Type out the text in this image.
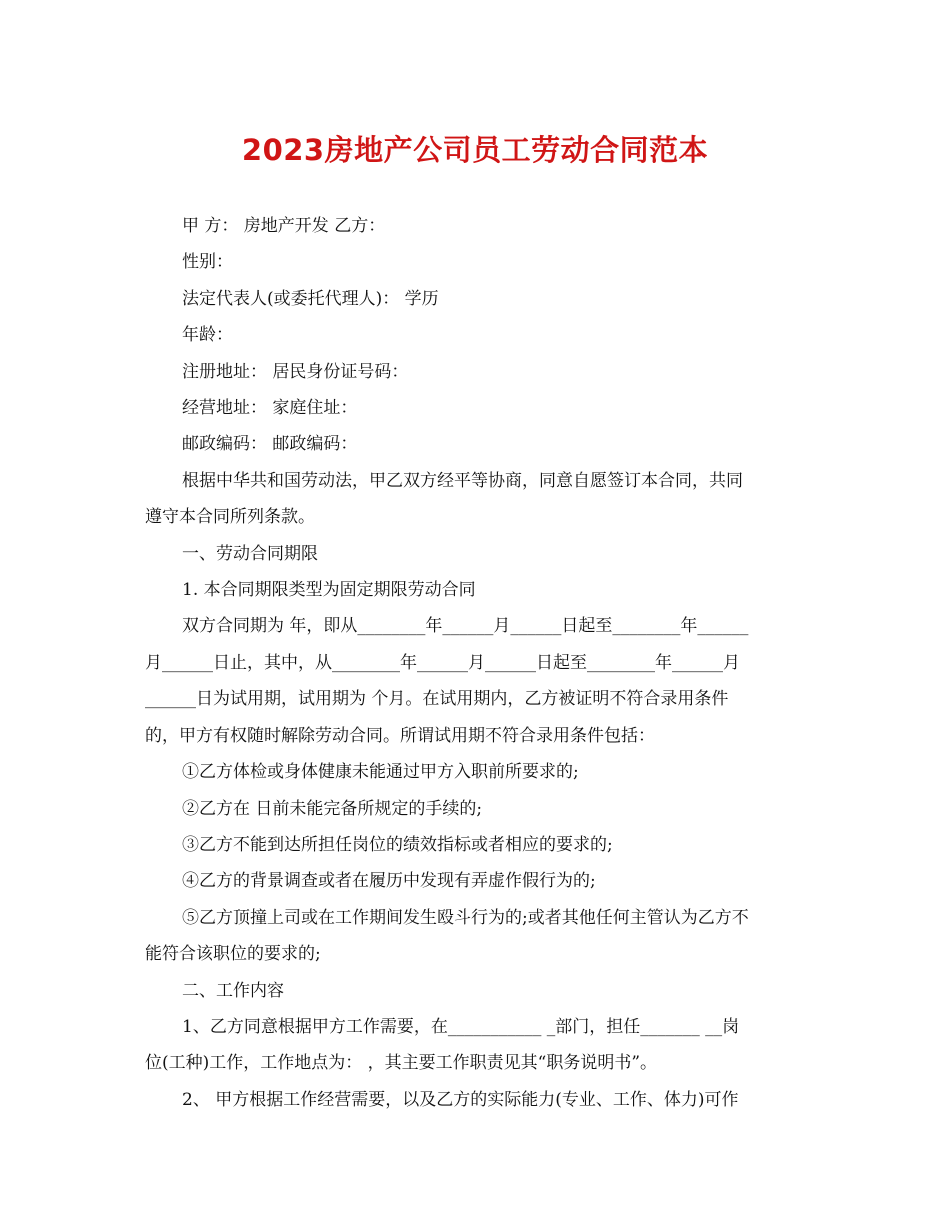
2023房地产公司员工劳动合同范本

甲 方： 房地产开发 乙方：

性别：

法定代表人(或委托代理人)： 学历

年龄：

注册地址： 居民身份证号码：

经营地址： 家庭住址：

邮政编码： 邮政编码：

根据中华共和国劳动法，甲乙双方经平等协商，同意自愿签订本合同，共同

遵守本合同所列条款。

一、劳动合同期限

1. 本合同期限类型为固定期限劳动合同

双方合同期为 年，即从________年______月______日起至________年______

月______日止，其中，从________年______月______日起至________年______月

______日为试用期，试用期为 个月。在试用期内，乙方被证明不符合录用条件

的，甲方有权随时解除劳动合同。所谓试用期不符合录用条件包括：

①乙方体检或身体健康未能通过甲方入职前所要求的;

②乙方在 日前未能完备所规定的手续的;

③乙方不能到达所担任岗位的绩效指标或者相应的要求的;

④乙方的背景调查或者在履历中发现有弄虚作假行为的;

⑤乙方顶撞上司或在工作期间发生殴斗行为的;或者其他任何主管认为乙方不

能符合该职位的要求的;

二、工作内容

1、乙方同意根据甲方工作需要，在___________ _部门，担任_______ __岗

位(工种)工作，工作地点为： ，其主要工作职责见其“职务说明书”。

2、 甲方根据工作经营需要，以及乙方的实际能力(专业、工作、体力)可作
